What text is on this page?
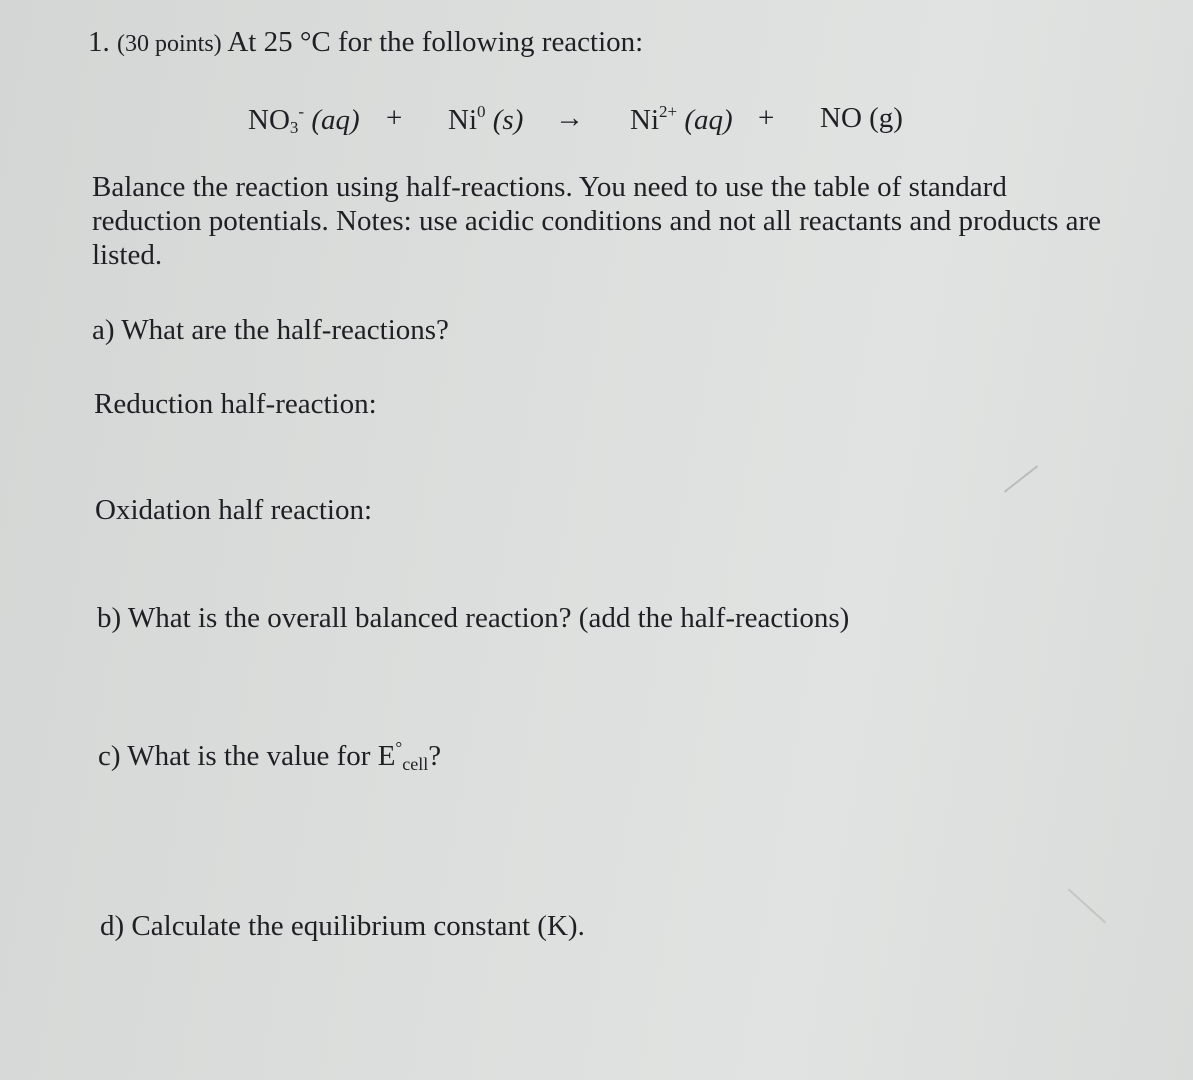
1. (30 points) At 25 °C for the following reaction:
$NO_3^-$ $(aq) + Ni^0$ $(s) \to Ni^{2+}$ (aq) + NO (g)
Balance the reaction using half-reactions. You need to use the table of standard reduction potentials. Notes: use acidic conditions and not all reactants and products are listed.
a) What are the half-reactions?
Reduction half-reaction:
Oxidation half reaction:
b) What is the overall balanced reaction? (add the half-reactions)
c) What is the value for E°cell?
d) Calculate the equilibrium constant (K).
